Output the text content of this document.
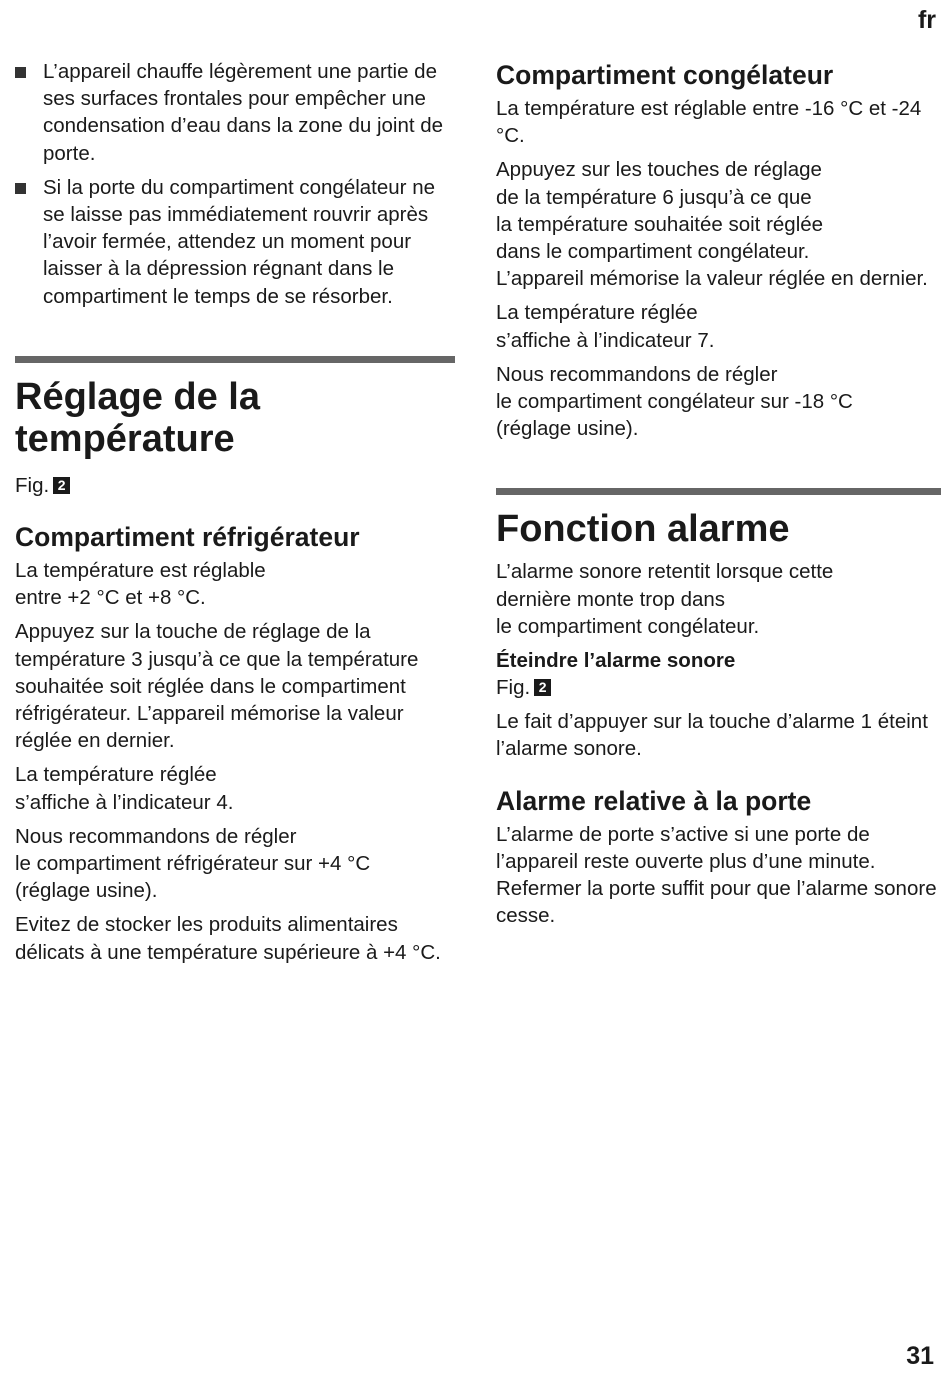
fr
L’appareil chauffe légèrement une partie de ses surfaces frontales pour empêcher une condensation d’eau dans la zone du joint de porte.
Si la porte du compartiment congélateur ne se laisse pas immédiatement rouvrir après l’avoir fermée, attendez un moment pour laisser à la dépression régnant dans le compartiment le temps de se résorber.
Réglage de la
température

Fig. 2

Compartiment réfrigérateur

La température est réglable
entre +2 °C et +8 °C.

Appuyez sur la touche de réglage de la température 3 jusqu’à ce que la température souhaitée soit réglée dans le compartiment réfrigérateur. L’appareil mémorise la valeur réglée en dernier.

La température réglée
s’affiche à l’indicateur 4.

Nous recommandons de régler
le compartiment réfrigérateur sur +4 °C
(réglage usine).

Evitez de stocker les produits alimentaires délicats à une température supérieure à +4 °C.

Compartiment congélateur

La température est réglable entre -16 °C et -24 °C.

Appuyez sur les touches de réglage
de la température 6 jusqu’à ce que
la température souhaitée soit réglée
dans le compartiment congélateur.
L’appareil mémorise la valeur réglée en dernier.

La température réglée
s’affiche à l’indicateur 7.

Nous recommandons de régler
le compartiment congélateur sur -18 °C
(réglage usine).

Fonction alarme

L’alarme sonore retentit lorsque cette
dernière monte trop dans
le compartiment congélateur.

Éteindre l’alarme sonore

Fig. 2

Le fait d’appuyer sur la touche d’alarme 1 éteint l’alarme sonore.

Alarme relative à la porte

L’alarme de porte s’active si une porte de l’appareil reste ouverte plus d’une minute. Refermer la porte suffit pour que l’alarme sonore cesse.

31
